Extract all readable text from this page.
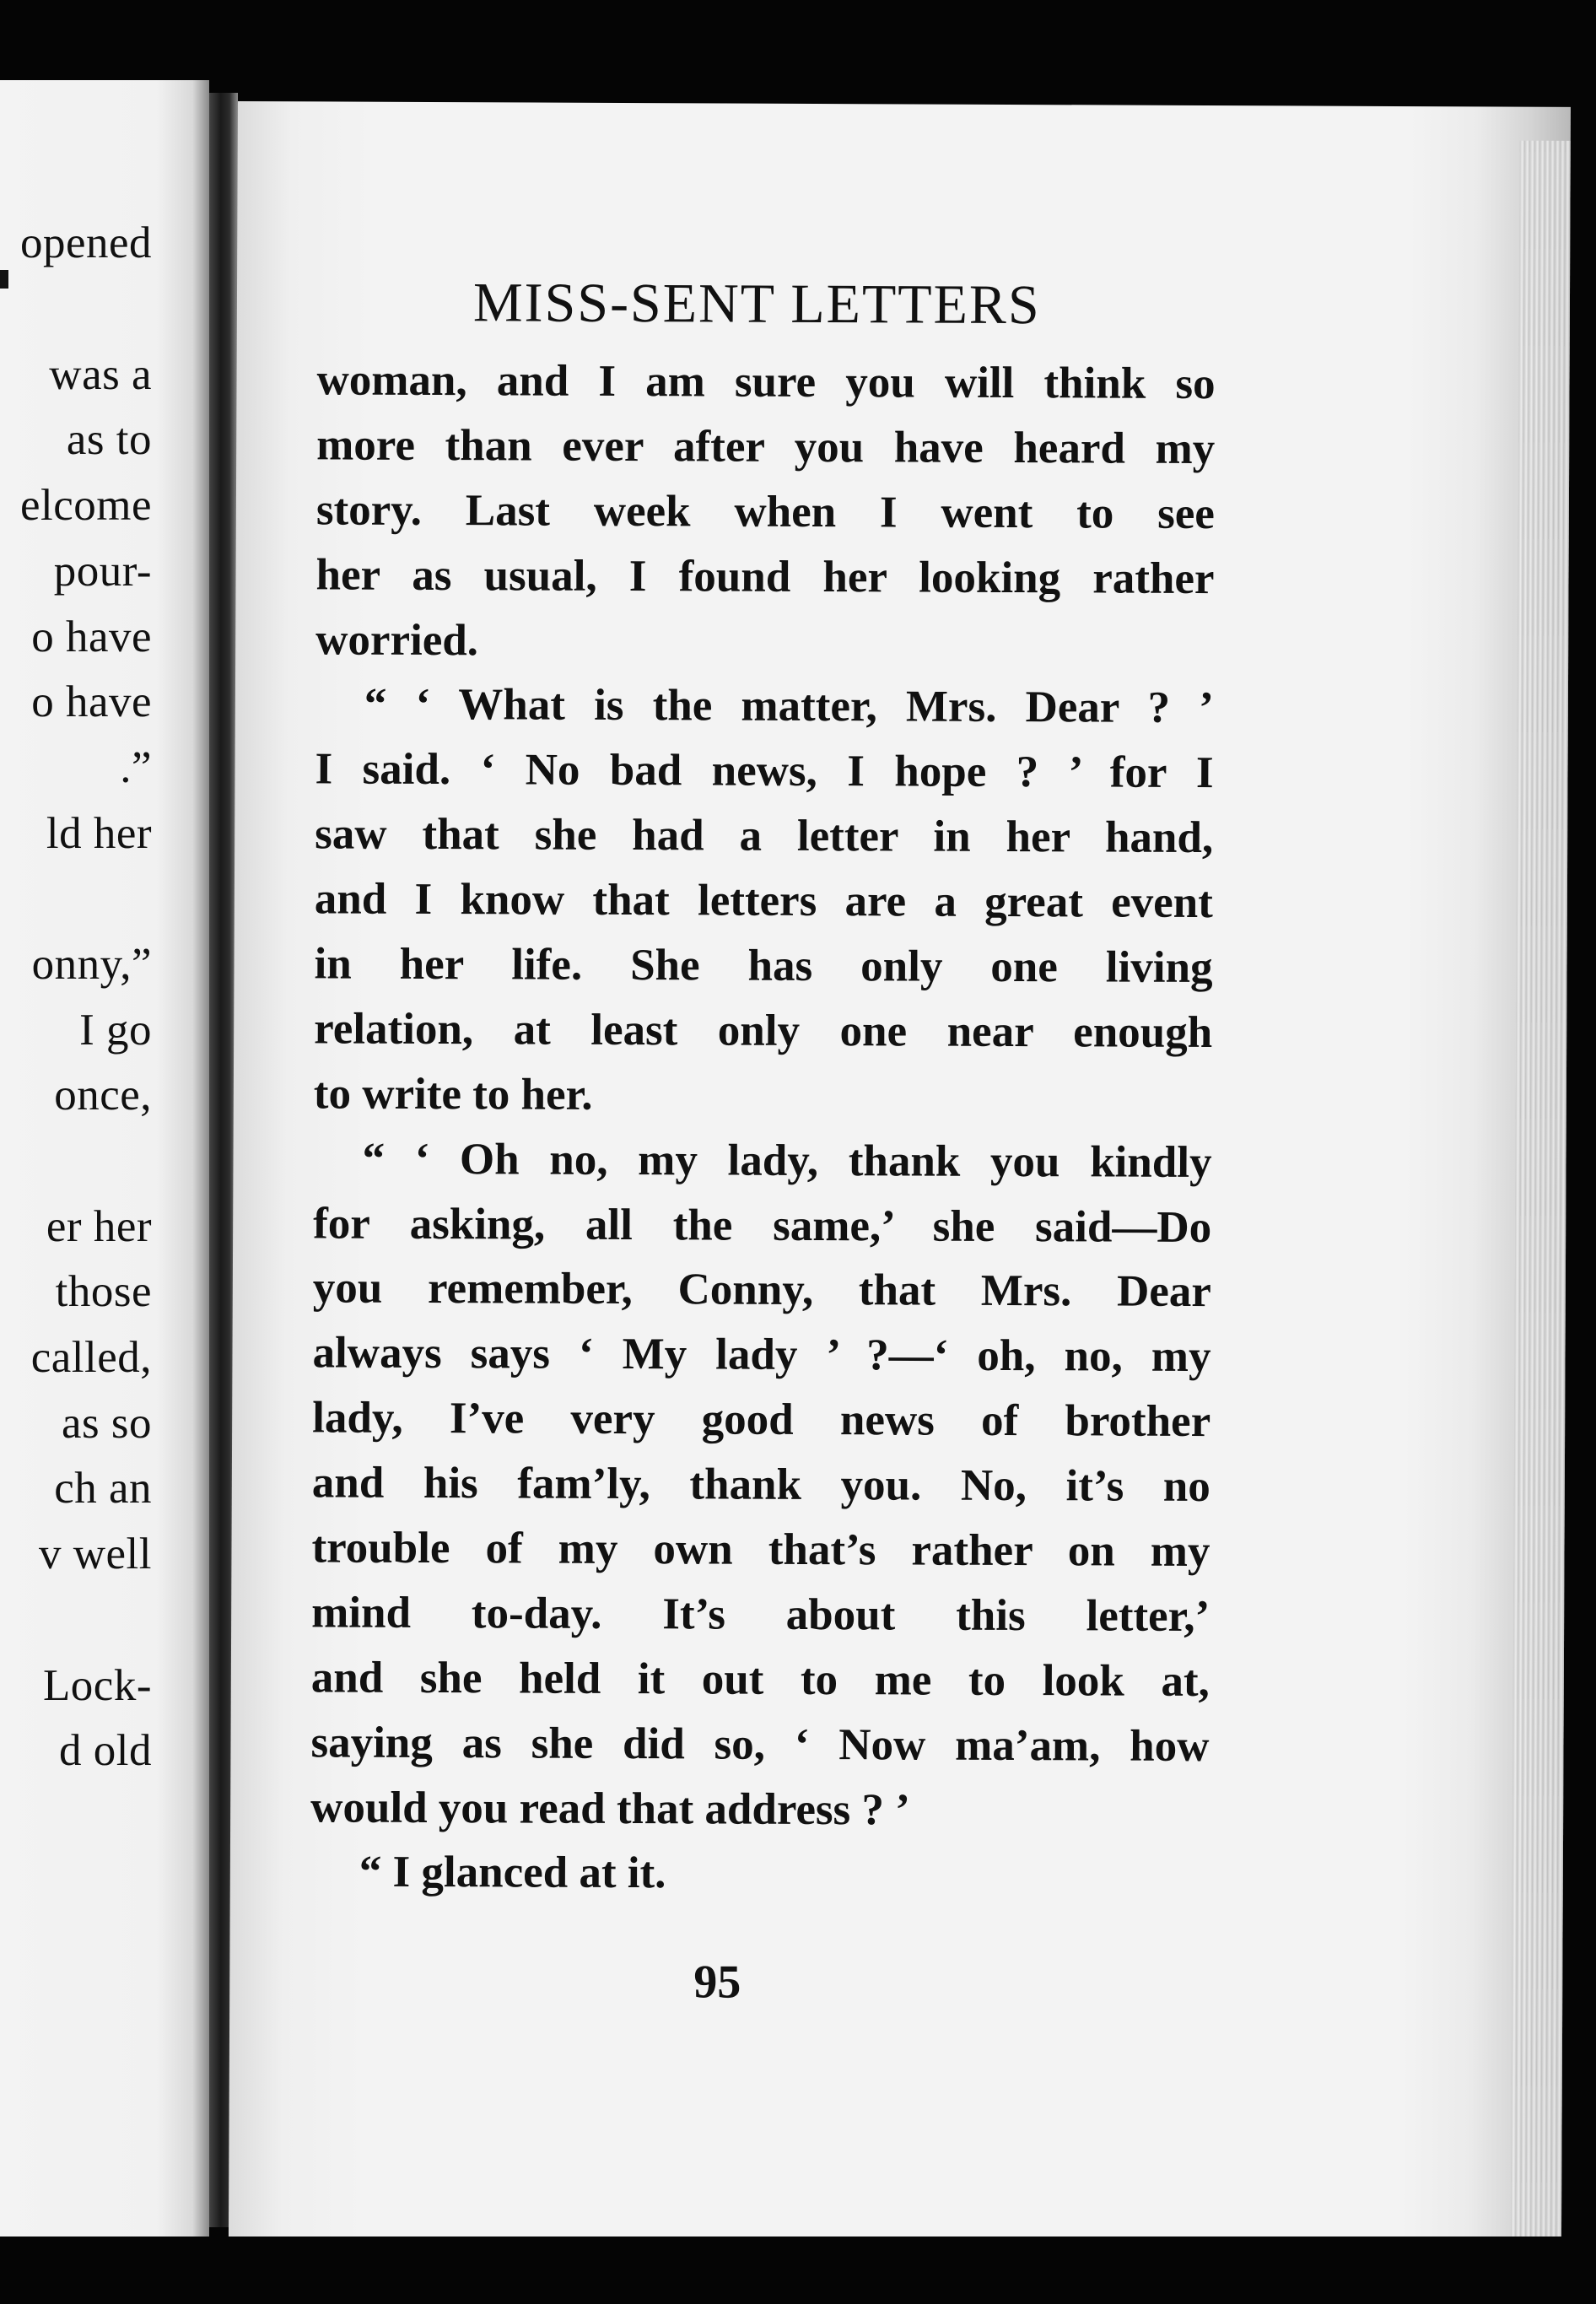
opened
was a
as to
elcome
pour-
o have
o have
.”
ld her
onny,”
I go
once,
er her
those
called,
as so
ch an
v well
Lock-
d old
MISS-SENT LETTERS
woman, and I am sure you will think so
more than ever after you have heard my
story. Last week when I went to see
her as usual, I found her looking rather
worried.
“ ‘ What is the matter, Mrs. Dear ? ’
I said. ‘ No bad news, I hope ? ’ for I
saw that she had a letter in her hand,
and I know that letters are a great event
in her life. She has only one living
relation, at least only one near enough
to write to her.
“ ‘ Oh no, my lady, thank you kindly
for asking, all the same,’ she said—Do
you remember, Conny, that Mrs. Dear
always says ‘ My lady ’ ?—‘ oh, no, my
lady, I’ve very good news of brother
and his fam’ly, thank you. No, it’s no
trouble of my own that’s rather on my
mind to-day. It’s about this letter,’
and she held it out to me to look at,
saying as she did so, ‘ Now ma’am, how
would you read that address ? ’
“ I glanced at it.
95
